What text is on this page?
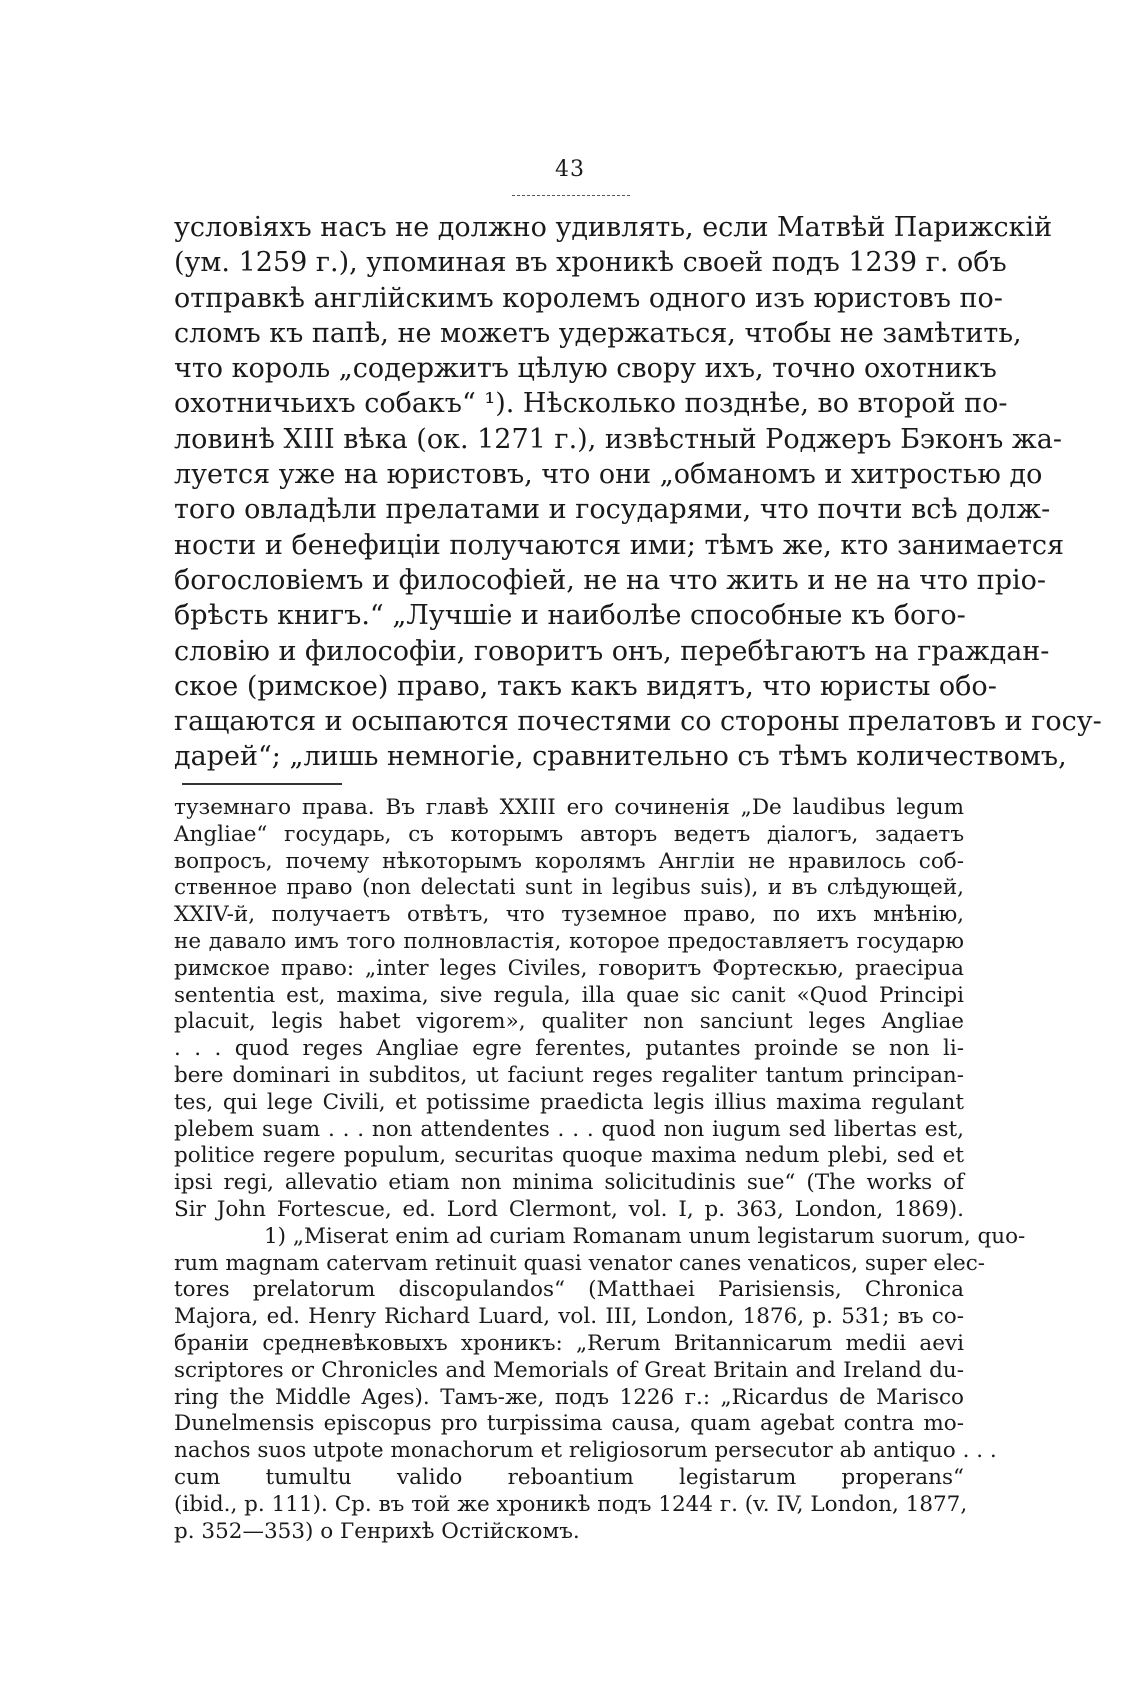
43
условіяхъ насъ не должно удивлять, если Матвѣй Парижскій
(ум. 1259 г.), упоминая въ хроникѣ своей подъ 1239 г. объ
отправкѣ англійскимъ королемъ одного изъ юристовъ по-
сломъ къ папѣ, не можетъ удержаться, чтобы не замѣтить,
что король „содержитъ цѣлую свору ихъ, точно охотникъ
охотничьихъ собакъ“ ¹). Нѣсколько позднѣе, во второй по-
ловинѣ XIII вѣка (ок. 1271 г.), извѣстный Роджеръ Бэконъ жа-
луется уже на юристовъ, что они „обманомъ и хитростью до
того овладѣли прелатами и государями, что почти всѣ долж-
ности и бенефиціи получаются ими; тѣмъ же, кто занимается
богословіемъ и философіей, не на что жить и не на что пріо-
брѣсть книгъ.“ „Лучшіе и наиболѣе способные къ бого-
словію и философіи, говоритъ онъ, перебѣгаютъ на граждан-
ское (римское) право, такъ какъ видятъ, что юристы обо-
гащаются и осыпаются почестями со стороны прелатовъ и госу-
дарей“; „лишь немногіе, сравнительно съ тѣмъ количествомъ,
туземнаго права. Въ главѣ XXIII его сочиненія „De laudibus legum
Angliae“ государь, съ которымъ авторъ ведетъ діалогъ, задаетъ
вопросъ, почему нѣкоторымъ королямъ Англіи не нравилось соб-
ственное право (non delectati sunt in legibus suis), и въ слѣдующей,
XXIV-й, получаетъ отвѣтъ, что туземное право, по ихъ мнѣнію,
не давало имъ того полновластія, которое предоставляетъ государю
римское право: „inter leges Civiles, говоритъ Фортескью, praecipua
sententia est, maxima, sive regula, illa quae sic canit «Quod Principi
placuit, legis habet vigorem», qualiter non sanciunt leges Angliae
. . . quod reges Angliae egre ferentes, putantes proinde se non li-
bere dominari in subditos, ut faciunt reges regaliter tantum principan-
tes, qui lege Civili, et potissime praedicta legis illius maxima regulant
plebem suam . . . non attendentes . . . quod non iugum sed libertas est,
politice regere populum, securitas quoque maxima nedum plebi, sed et
ipsi regi, allevatio etiam non minima solicitudinis sue“ (The works of
Sir John Fortescue, ed. Lord Clermont, vol. I, p. 363, London, 1869).
1) „Miserat enim ad curiam Romanam unum legistarum suorum, quo-
rum magnam catervam retinuit quasi venator canes venaticos, super elec-
tores prelatorum discopulandos“ (Matthaei Parisiensis, Chronica
Majora, ed. Henry Richard Luard, vol. III, London, 1876, p. 531; въ со-
браніи средневѣковыхъ хроникъ: „Rerum Britannicarum medii aevi
scriptores or Chronicles and Memorials of Great Britain and Ireland du-
ring the Middle Ages). Тамъ-же, подъ 1226 г.: „Ricardus de Marisco
Dunelmensis episcopus pro turpissima causa, quam agebat contra mo-
nachos suos utpote monachorum et religiosorum persecutor ab antiquo . . .
cum tumultu valido reboantium legistarum properans“
(ibid., p. 111). Ср. въ той же хроникѣ подъ 1244 г. (v. IV, London, 1877,
p. 352—353) о Генрихѣ Остійскомъ.
